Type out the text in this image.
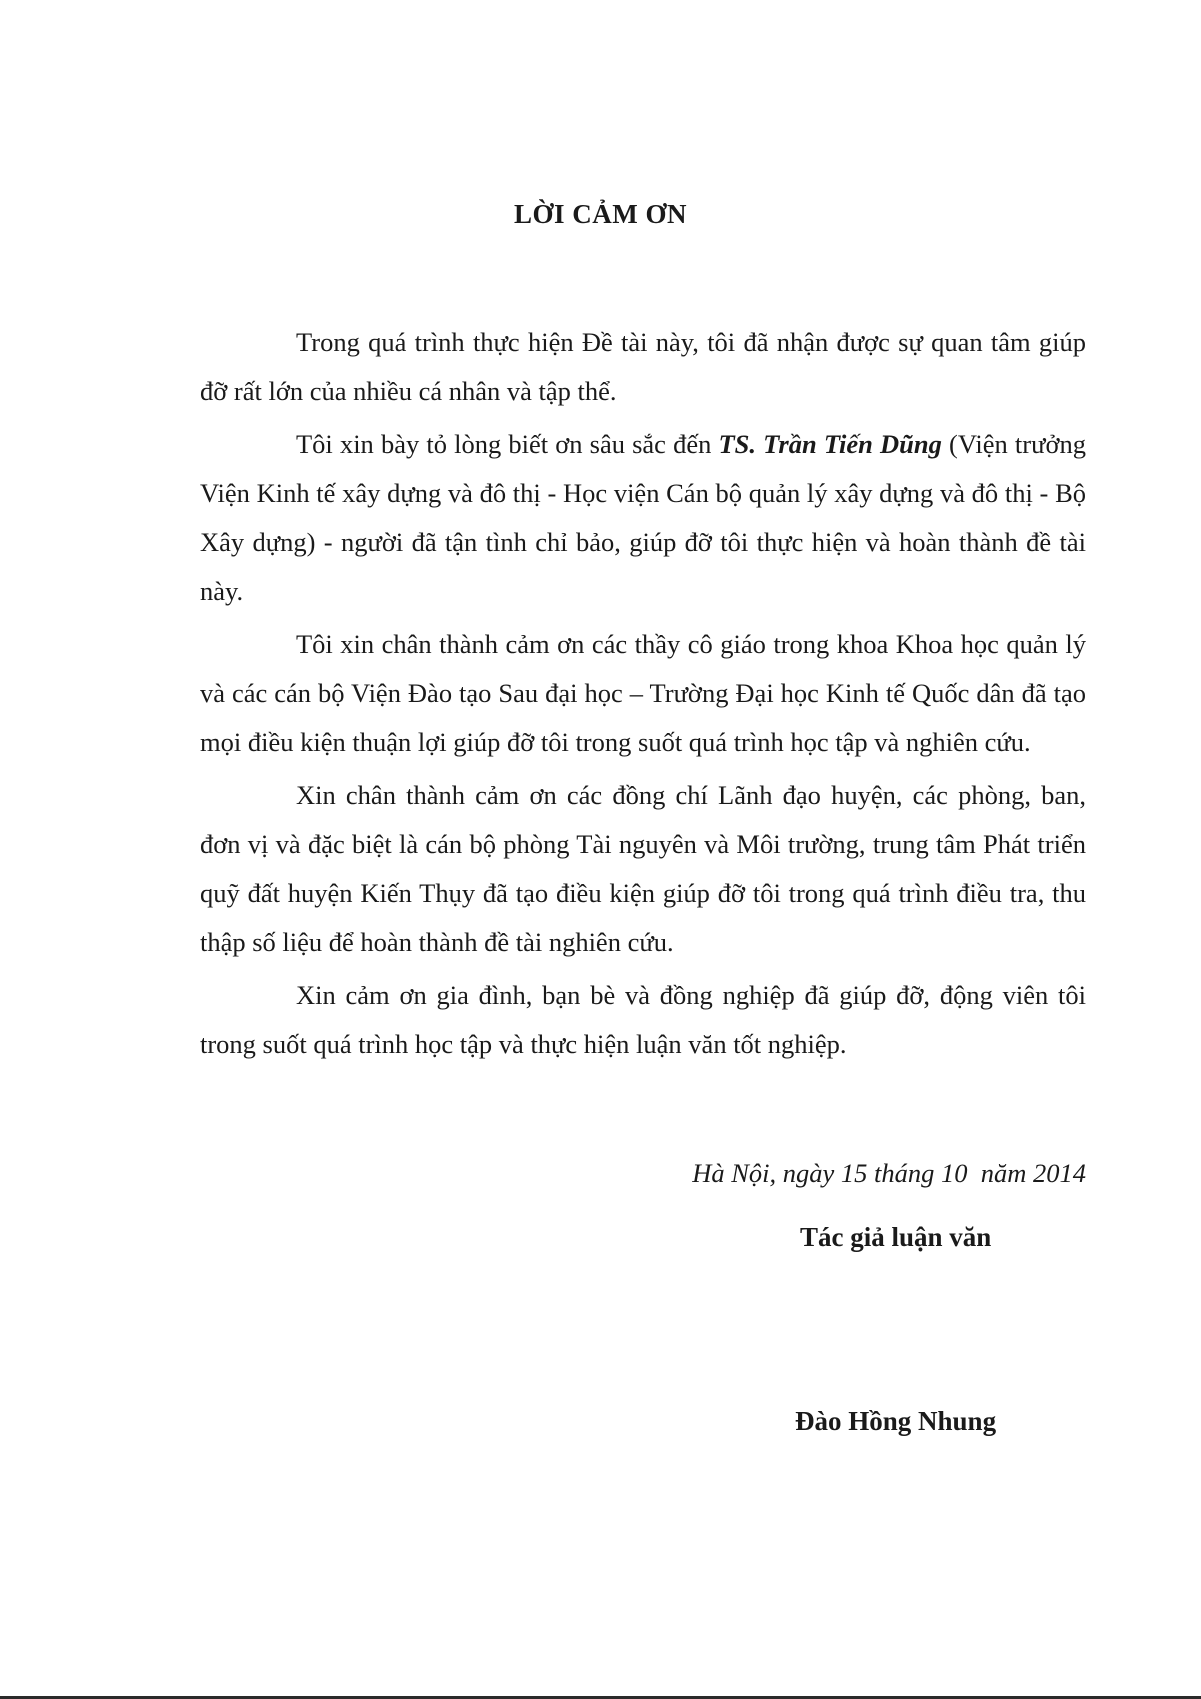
LỜI CẢM ƠN

Trong quá trình thực hiện Đề tài này, tôi đã nhận được sự quan tâm giúp đỡ rất lớn của nhiều cá nhân và tập thể.

Tôi xin bày tỏ lòng biết ơn sâu sắc đến TS. Trần Tiến Dũng (Viện trưởng Viện Kinh tế xây dựng và đô thị - Học viện Cán bộ quản lý xây dựng và đô thị - Bộ Xây dựng) - người đã tận tình chỉ bảo, giúp đỡ tôi thực hiện và hoàn thành đề tài này.

Tôi xin chân thành cảm ơn các thầy cô giáo trong khoa Khoa học quản lý và các cán bộ Viện Đào tạo Sau đại học – Trường Đại học Kinh tế Quốc dân đã tạo mọi điều kiện thuận lợi giúp đỡ tôi trong suốt quá trình học tập và nghiên cứu.

Xin chân thành cảm ơn các đồng chí Lãnh đạo huyện, các phòng, ban, đơn vị và đặc biệt là cán bộ phòng Tài nguyên và Môi trường, trung tâm Phát triển quỹ đất huyện Kiến Thụy đã tạo điều kiện giúp đỡ tôi trong quá trình điều tra, thu thập số liệu để hoàn thành đề tài nghiên cứu.

Xin cảm ơn gia đình, bạn bè và đồng nghiệp đã giúp đỡ, động viên tôi trong suốt quá trình học tập và thực hiện luận văn tốt nghiệp.

Hà Nội, ngày 15 tháng 10  năm 2014
Tác giả luận văn
Đào Hồng Nhung
